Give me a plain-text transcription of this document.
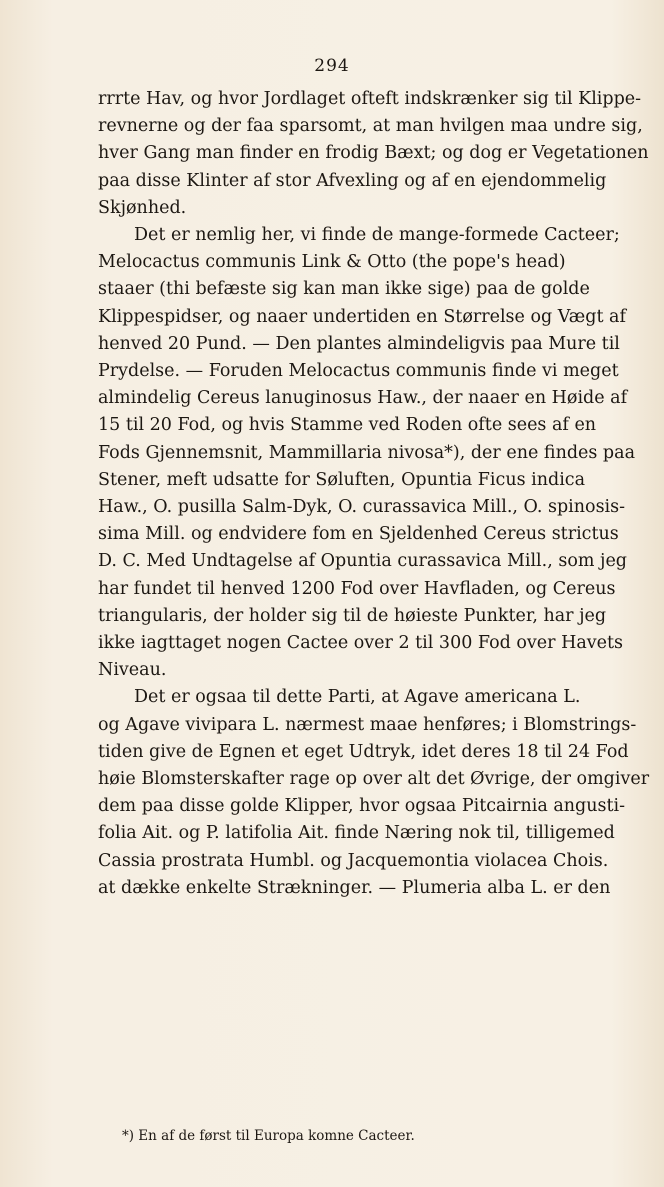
294
rrrte Hav, og hvor Jordlaget ofteft indskrænker sig til Klippe-
revnerne og der faa sparsomt, at man hvilgen maa undre sig,
hver Gang man finder en frodig Bæxt; og dog er Vegetationen
paa disse Klinter af stor Afvexling og af en ejendommelig
Skjønhed.
Det er nemlig her, vi finde de mange-formede Cacteer;
Melocactus communis Link & Otto (the pope's head)
staaer (thi befæste sig kan man ikke sige) paa de golde
Klippespidser, og naaer undertiden en Størrelse og Vægt af
henved 20 Pund. — Den plantes almindeligvis paa Mure til
Prydelse. — Foruden Melocactus communis finde vi meget
almindelig Cereus lanuginosus Haw., der naaer en Høide af
15 til 20 Fod, og hvis Stamme ved Roden ofte sees af en
Fods Gjennemsnit, Mammillaria nivosa*), der ene findes paa
Stener, meft udsatte for Søluften, Opuntia Ficus indica
Haw., O. pusilla Salm-Dyk, O. curassavica Mill., O. spinosis-
sima Mill. og endvidere fom en Sjeldenhed Cereus strictus
D. C. Med Undtagelse af Opuntia curassavica Mill., som jeg
har fundet til henved 1200 Fod over Havfladen, og Cereus
triangularis, der holder sig til de høieste Punkter, har jeg
ikke iagttaget nogen Cactee over 2 til 300 Fod over Havets
Niveau.
Det er ogsaa til dette Parti, at Agave americana L.
og Agave vivipara L. nærmest maae henføres; i Blomstrings-
tiden give de Egnen et eget Udtryk, idet deres 18 til 24 Fod
høie Blomsterskafter rage op over alt det Øvrige, der omgiver
dem paa disse golde Klipper, hvor ogsaa Pitcairnia angusti-
folia Ait. og P. latifolia Ait. finde Næring nok til, tilligemed
Cassia prostrata Humbl. og Jacquemontia violacea Chois.
at dække enkelte Strækninger. — Plumeria alba L. er den
*) En af de først til Europa komne Cacteer.
